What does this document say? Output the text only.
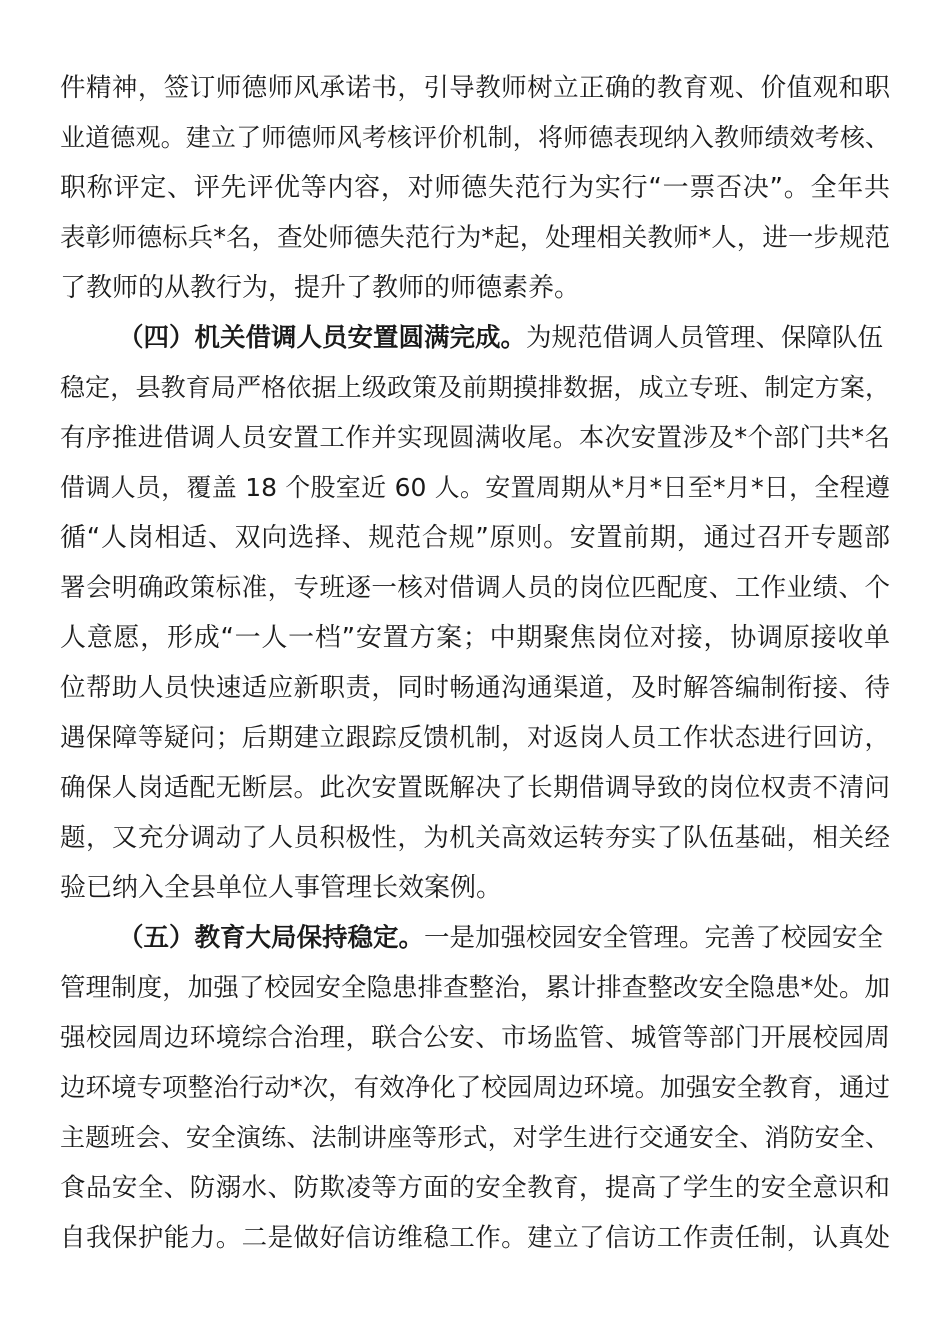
件精神，签订师德师风承诺书，引导教师树立正确的教育观、价值观和职
业道德观。建立了师德师风考核评价机制，将师德表现纳入教师绩效考核、
职称评定、评先评优等内容，对师德失范行为实行“一票否决”。全年共
表彰师德标兵*名，查处师德失范行为*起，处理相关教师*人，进一步规范
了教师的从教行为，提升了教师的师德素养。
（四）机关借调人员安置圆满完成。为规范借调人员管理、保障队伍
稳定，县教育局严格依据上级政策及前期摸排数据，成立专班、制定方案，
有序推进借调人员安置工作并实现圆满收尾。本次安置涉及*个部门共*名
借调人员，覆盖 18 个股室近 60 人。安置周期从*月*日至*月*日，全程遵
循“人岗相适、双向选择、规范合规”原则。安置前期，通过召开专题部
署会明确政策标准，专班逐一核对借调人员的岗位匹配度、工作业绩、个
人意愿，形成“一人一档”安置方案；中期聚焦岗位对接，协调原接收单
位帮助人员快速适应新职责，同时畅通沟通渠道，及时解答编制衔接、待
遇保障等疑问；后期建立跟踪反馈机制，对返岗人员工作状态进行回访，
确保人岗适配无断层。此次安置既解决了长期借调导致的岗位权责不清问
题，又充分调动了人员积极性，为机关高效运转夯实了队伍基础，相关经
验已纳入全县单位人事管理长效案例。
（五）教育大局保持稳定。一是加强校园安全管理。完善了校园安全
管理制度，加强了校园安全隐患排查整治，累计排查整改安全隐患*处。加
强校园周边环境综合治理，联合公安、市场监管、城管等部门开展校园周
边环境专项整治行动*次，有效净化了校园周边环境。加强安全教育，通过
主题班会、安全演练、法制讲座等形式，对学生进行交通安全、消防安全、
食品安全、防溺水、防欺凌等方面的安全教育，提高了学生的安全意识和
自我保护能力。二是做好信访维稳工作。建立了信访工作责任制，认真处
